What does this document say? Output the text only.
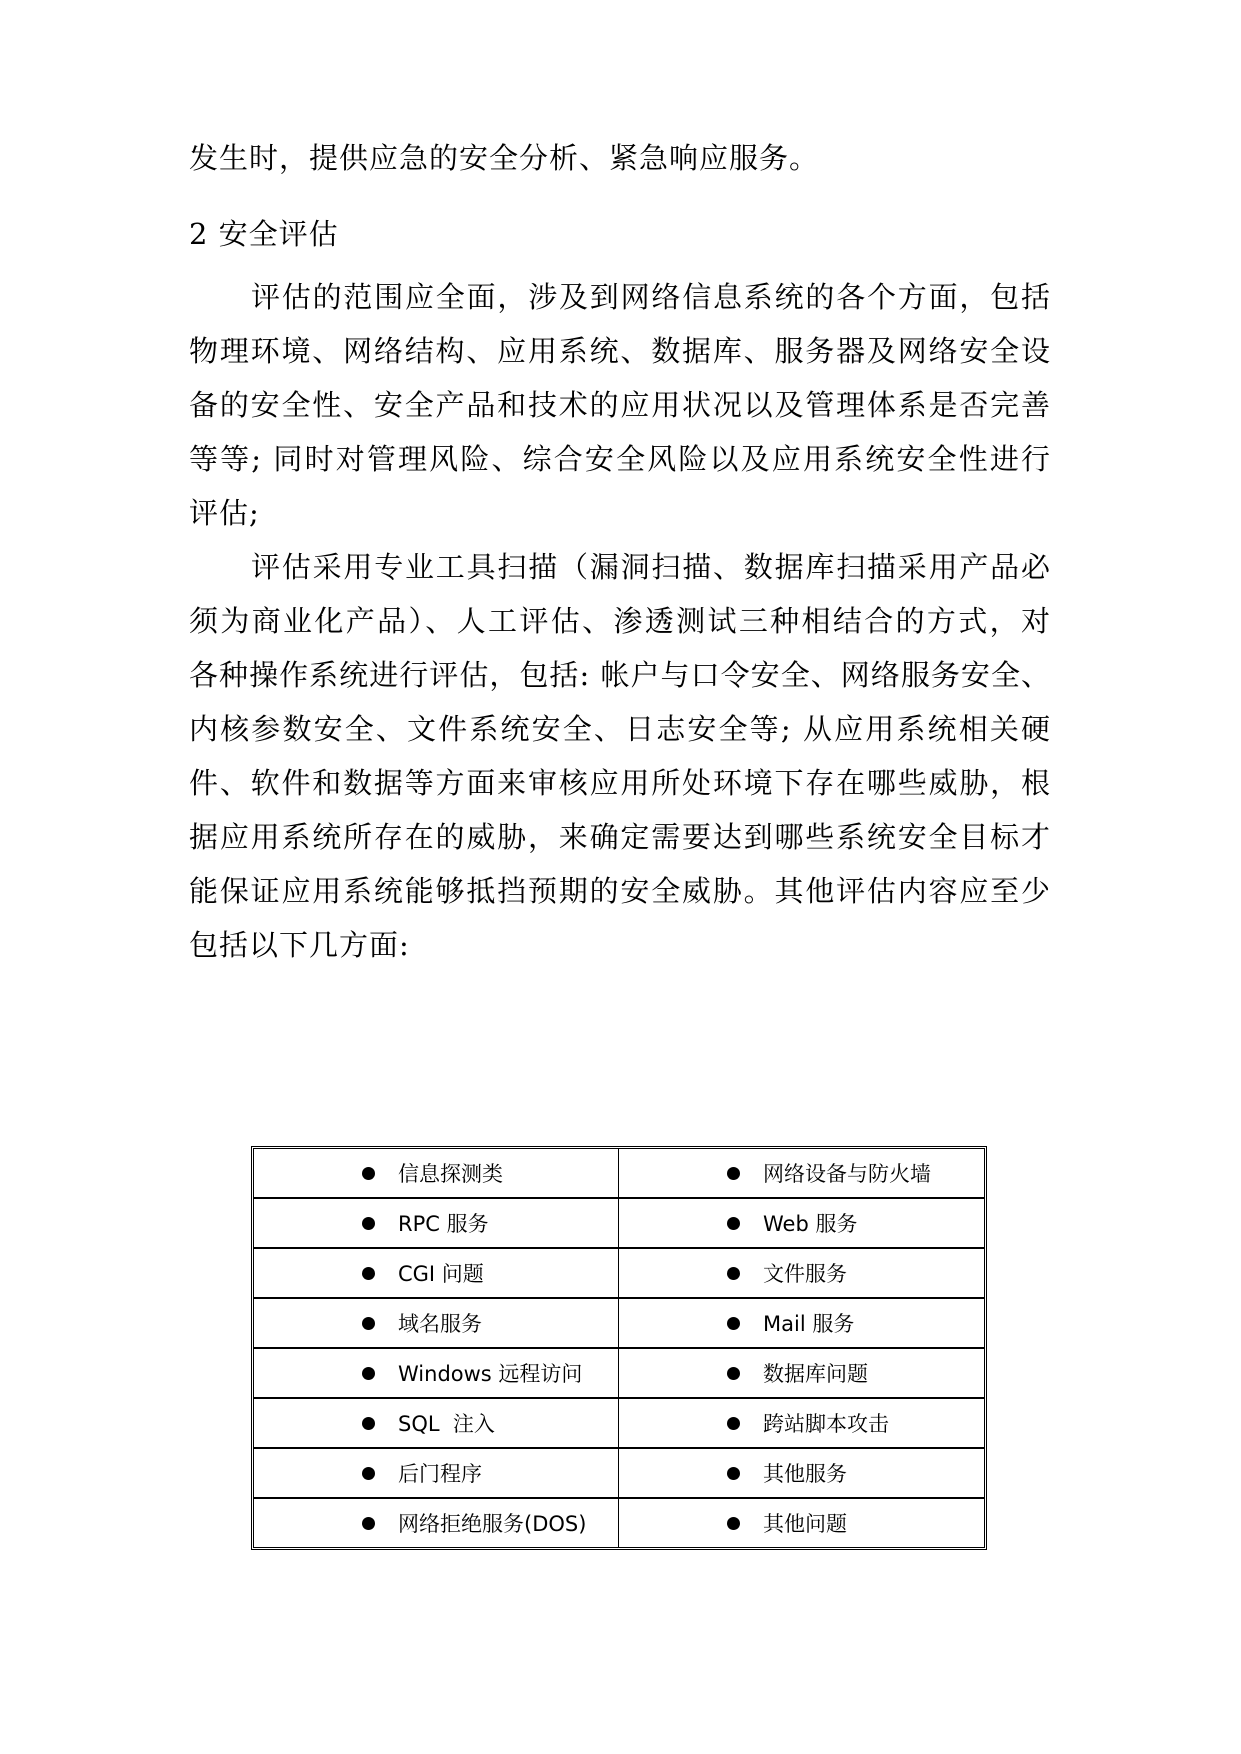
发生时，提供应急的安全分析、紧急响应服务。
2 安全评估
评估的范围应全面，涉及到网络信息系统的各个方面，包括
物理环境、网络结构、应用系统、数据库、服务器及网络安全设
备的安全性、安全产品和技术的应用状况以及管理体系是否完善
等等; 同时对管理风险、综合安全风险以及应用系统安全性进行
评估;
评估采用专业工具扫描（漏洞扫描、数据库扫描采用产品必
须为商业化产品）、人工评估、渗透测试三种相结合的方式，对
各种操作系统进行评估，包括: 帐户与口令安全、网络服务安全、
内核参数安全、文件系统安全、日志安全等; 从应用系统相关硬
件、软件和数据等方面来审核应用所处环境下存在哪些威胁，根
据应用系统所存在的威胁，来确定需要达到哪些系统安全目标才
能保证应用系统能够抵挡预期的安全威胁。其他评估内容应至少
包括以下几方面:
信息探测类	网络设备与防火墙

RPC 服务	Web 服务

CGI 问题	文件服务

域名服务	Mail 服务

Windows 远程访问	数据库问题

SQL  注入	跨站脚本攻击

后门程序	其他服务

网络拒绝服务(DOS)	其他问题
